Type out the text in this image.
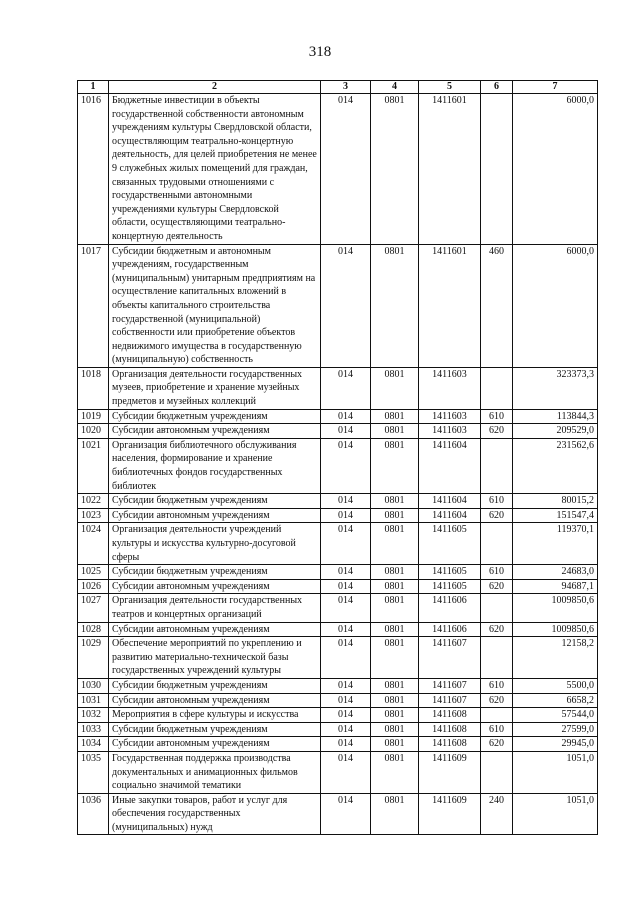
318
1	2	3	4	5	6	7
1016	Бюджетные инвестиции в объекты государственной собственности автономным учреждениям культуры Свердловской области, осуществляющим театрально-концертную деятельность, для целей приобретения не менее 9 служебных жилых помещений для граждан, связанных трудовыми отношениями с государственными автономными учреждениями культуры Свердловской области, осуществляющими театрально-концертную деятельность	014	0801	1411601		6000,0
1017	Субсидии бюджетным и автономным учреждениям, государственным (муниципальным) унитарным предприятиям на осуществление капитальных вложений в объекты капитального строительства государственной (муниципальной) собственности или приобретение объектов недвижимого имущества в государственную (муниципальную) собственность	014	0801	1411601	460	6000,0
1018	Организация деятельности государственных музеев, приобретение и хранение музейных предметов и музейных коллекций	014	0801	1411603		323373,3
1019	Субсидии бюджетным учреждениям	014	0801	1411603	610	113844,3
1020	Субсидии автономным учреждениям	014	0801	1411603	620	209529,0
1021	Организация библиотечного обслуживания населения, формирование и хранение библиотечных фондов государственных библиотек	014	0801	1411604		231562,6
1022	Субсидии бюджетным учреждениям	014	0801	1411604	610	80015,2
1023	Субсидии автономным учреждениям	014	0801	1411604	620	151547,4
1024	Организация деятельности учреждений культуры и искусства культурно-досуговой сферы	014	0801	1411605		119370,1
1025	Субсидии бюджетным учреждениям	014	0801	1411605	610	24683,0
1026	Субсидии автономным учреждениям	014	0801	1411605	620	94687,1
1027	Организация деятельности государственных театров и концертных организаций	014	0801	1411606		1009850,6
1028	Субсидии автономным учреждениям	014	0801	1411606	620	1009850,6
1029	Обеспечение мероприятий по укреплению и развитию материально-технической базы государственных учреждений культуры	014	0801	1411607		12158,2
1030	Субсидии бюджетным учреждениям	014	0801	1411607	610	5500,0
1031	Субсидии автономным учреждениям	014	0801	1411607	620	6658,2
1032	Мероприятия в сфере культуры и искусства	014	0801	1411608		57544,0
1033	Субсидии бюджетным учреждениям	014	0801	1411608	610	27599,0
1034	Субсидии автономным учреждениям	014	0801	1411608	620	29945,0
1035	Государственная поддержка производства документальных и анимационных фильмов социально значимой тематики	014	0801	1411609		1051,0
1036	Иные закупки товаров, работ и услуг для обеспечения государственных (муниципальных) нужд	014	0801	1411609	240	1051,0
